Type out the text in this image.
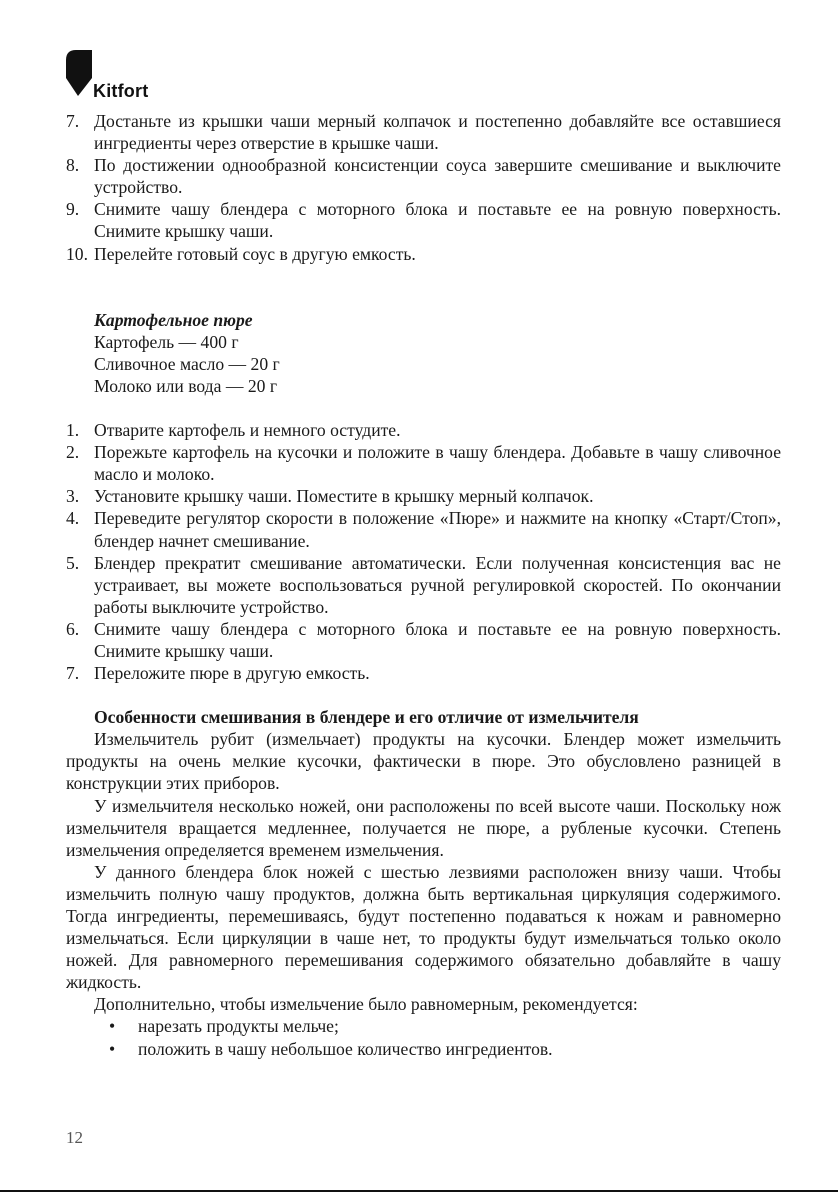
Kitfort
7. Достаньте из крышки чаши мерный колпачок и постепенно добавляйте все оставшиеся ингредиенты через отверстие в крышке чаши.
8. По достижении однообразной консистенции соуса завершите смешивание и выключите устройство.
9. Снимите чашу блендера с моторного блока и поставьте ее на ровную поверхность. Снимите крышку чаши.
10. Перелейте готовый соус в другую емкость.
Картофельное пюре
Картофель — 400 г
Сливочное масло — 20 г
Молоко или вода — 20 г
1. Отварите картофель и немного остудите.
2. Порежьте картофель на кусочки и положите в чашу блендера. Добавьте в чашу сливочное масло и молоко.
3. Установите крышку чаши. Поместите в крышку мерный колпачок.
4. Переведите регулятор скорости в положение «Пюре» и нажмите на кнопку «Старт/Стоп», блендер начнет смешивание.
5. Блендер прекратит смешивание автоматически. Если полученная консистенция вас не устраивает, вы можете воспользоваться ручной регулировкой скоростей. По окончании работы выключите устройство.
6. Снимите чашу блендера с моторного блока и поставьте ее на ровную поверхность. Снимите крышку чаши.
7. Переложите пюре в другую емкость.
Особенности смешивания в блендере и его отличие от измельчителя

Измельчитель рубит (измельчает) продукты на кусочки. Блендер может измельчить продукты на очень мелкие кусочки, фактически в пюре. Это обусловлено разницей в конструкции этих приборов.

У измельчителя несколько ножей, они расположены по всей высоте чаши. Поскольку нож измельчителя вращается медленнее, получается не пюре, а рубленые кусочки. Степень измельчения определяется временем измельчения.

У данного блендера блок ножей с шестью лезвиями расположен внизу чаши. Чтобы измельчить полную чашу продуктов, должна быть вертикальная циркуляция содержимого. Тогда ингредиенты, перемешиваясь, будут постепенно подаваться к ножам и равномерно измельчаться. Если циркуляции в чаше нет, то продукты будут измельчаться только около ножей. Для равномерного перемешивания содержимого обязательно добавляйте в чашу жидкость.

Дополнительно, чтобы измельчение было равномерным, рекомендуется:

• нарезать продукты мельче;
• положить в чашу небольшое количество ингредиентов.
12
